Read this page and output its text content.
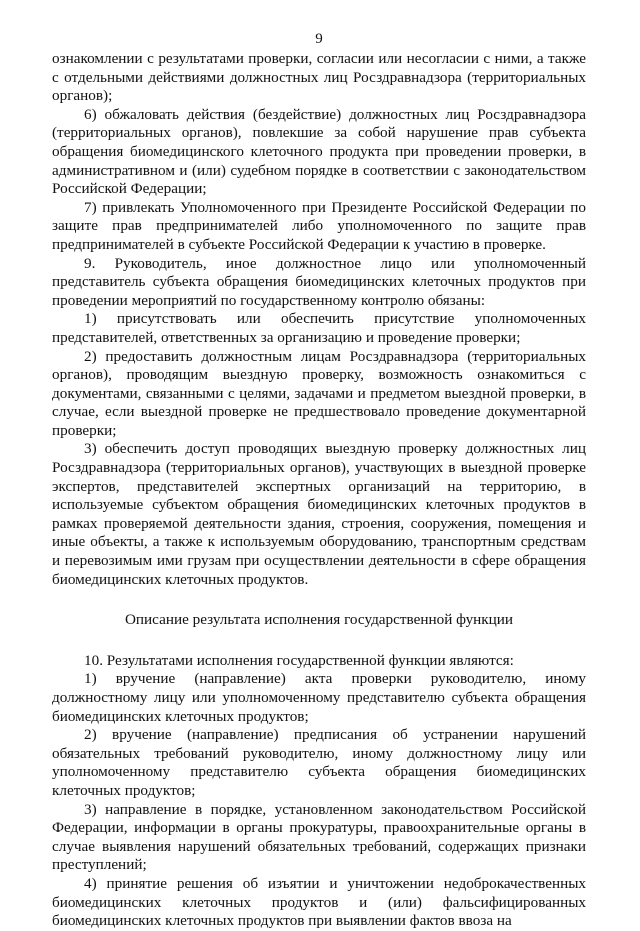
9

ознакомлении с результатами проверки, согласии или несогласии с ними, а также с отдельными действиями должностных лиц Росздравнадзора (территориальных органов);

6) обжаловать действия (бездействие) должностных лиц Росздравнадзора (территориальных органов), повлекшие за собой нарушение прав субъекта обращения биомедицинского клеточного продукта при проведении проверки, в административном и (или) судебном порядке в соответствии с законодательством Российской Федерации;

7) привлекать Уполномоченного при Президенте Российской Федерации по защите прав предпринимателей либо уполномоченного по защите прав предпринимателей в субъекте Российской Федерации к участию в проверке.

9. Руководитель, иное должностное лицо или уполномоченный представитель субъекта обращения биомедицинских клеточных продуктов при проведении мероприятий по государственному контролю обязаны:

1) присутствовать или обеспечить присутствие уполномоченных представителей, ответственных за организацию и проведение проверки;

2) предоставить должностным лицам Росздравнадзора (территориальных органов), проводящим выездную проверку, возможность ознакомиться с документами, связанными с целями, задачами и предметом выездной проверки, в случае, если выездной проверке не предшествовало проведение документарной проверки;

3) обеспечить доступ проводящих выездную проверку должностных лиц Росздравнадзора (территориальных органов), участвующих в выездной проверке экспертов, представителей экспертных организаций на территорию, в используемые субъектом обращения биомедицинских клеточных продуктов в рамках проверяемой деятельности здания, строения, сооружения, помещения и иные объекты, а также к используемым оборудованию, транспортным средствам и перевозимым ими грузам при осуществлении деятельности в сфере обращения биомедицинских клеточных продуктов.

Описание результата исполнения государственной функции

10. Результатами исполнения государственной функции являются:

1) вручение (направление) акта проверки руководителю, иному должностному лицу или уполномоченному представителю субъекта обращения биомедицинских клеточных продуктов;

2) вручение (направление) предписания об устранении нарушений обязательных требований руководителю, иному должностному лицу или уполномоченному представителю субъекта обращения биомедицинских клеточных продуктов;

3) направление в порядке, установленном законодательством Российской Федерации, информации в органы прокуратуры, правоохранительные органы в случае выявления нарушений обязательных требований, содержащих признаки преступлений;

4) принятие решения об изъятии и уничтожении недоброкачественных биомедицинских клеточных продуктов и (или) фальсифицированных биомедицинских клеточных продуктов при выявлении фактов ввоза на
